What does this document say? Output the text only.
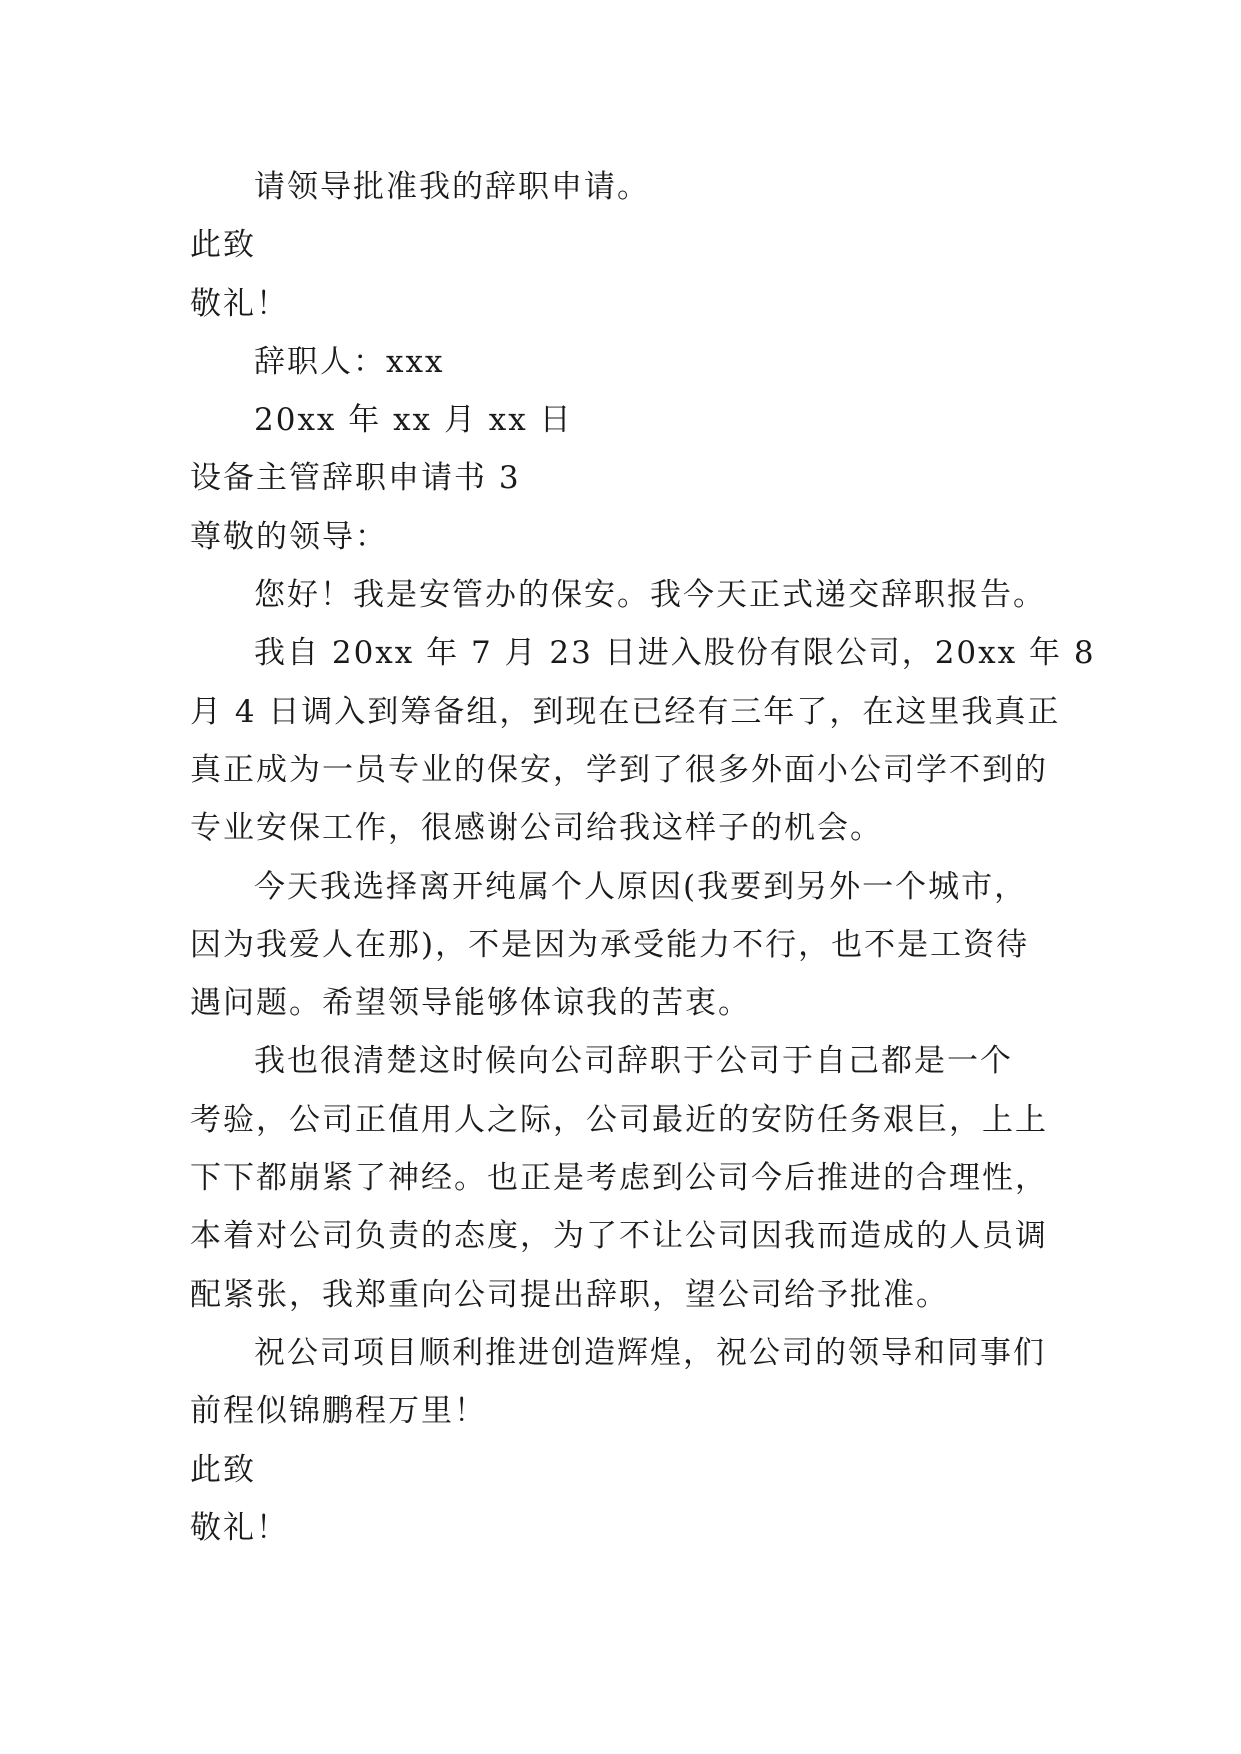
请领导批准我的辞职申请。
此致
敬礼！
辞职人：xxx
20xx 年 xx 月 xx 日
设备主管辞职申请书 3
尊敬的领导：
您好！我是安管办的保安。我今天正式递交辞职报告。
我自 20xx 年 7 月 23 日进入股份有限公司，20xx 年 8
月 4 日调入到筹备组，到现在已经有三年了，在这里我真正
真正成为一员专业的保安，学到了很多外面小公司学不到的
专业安保工作，很感谢公司给我这样子的机会。
今天我选择离开纯属个人原因(我要到另外一个城市，
因为我爱人在那)，不是因为承受能力不行，也不是工资待
遇问题。希望领导能够体谅我的苦衷。
我也很清楚这时候向公司辞职于公司于自己都是一个
考验，公司正值用人之际，公司最近的安防任务艰巨，上上
下下都崩紧了神经。也正是考虑到公司今后推进的合理性，
本着对公司负责的态度，为了不让公司因我而造成的人员调
配紧张，我郑重向公司提出辞职，望公司给予批准。
祝公司项目顺利推进创造辉煌，祝公司的领导和同事们
前程似锦鹏程万里！
此致
敬礼！
